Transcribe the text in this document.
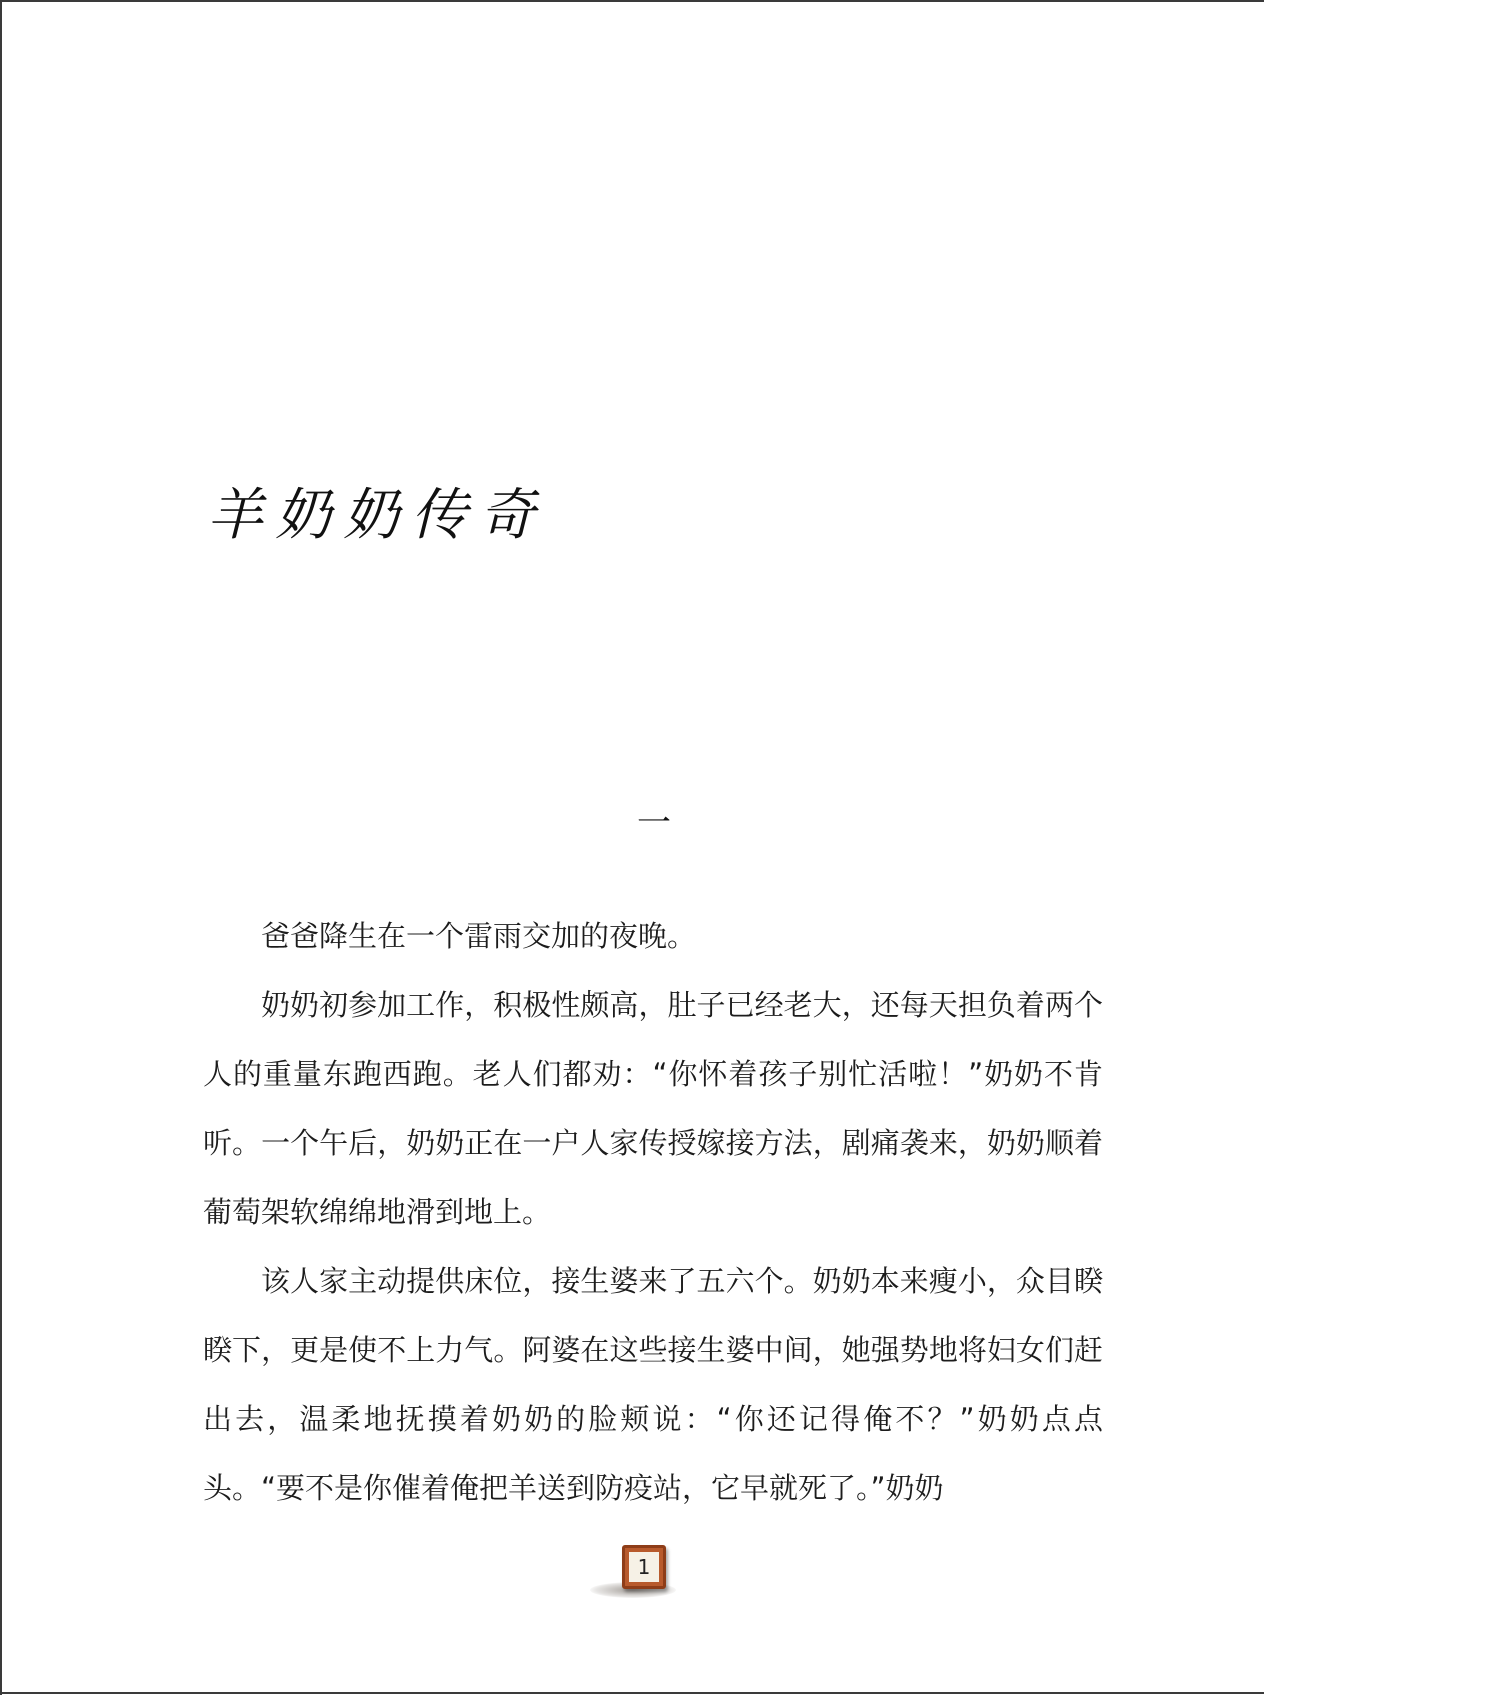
羊奶奶传奇
一

爸爸降生在一个雷雨交加的夜晚。

奶奶初参加工作，积极性颇高，肚子已经老大，还每天担负着两个人的重量东跑西跑。老人们都劝：“你怀着孩子别忙活啦！”奶奶不肯听。一个午后，奶奶正在一户人家传授嫁接方法，剧痛袭来，奶奶顺着葡萄架软绵绵地滑到地上。

该人家主动提供床位，接生婆来了五六个。奶奶本来瘦小，众目睽睽下，更是使不上力气。阿婆在这些接生婆中间，她强势地将妇女们赶出去，温柔地抚摸着奶奶的脸颊说：“你还记得俺不？”奶奶点点头。“要不是你催着俺把羊送到防疫站，它早就死了。”奶奶

1
